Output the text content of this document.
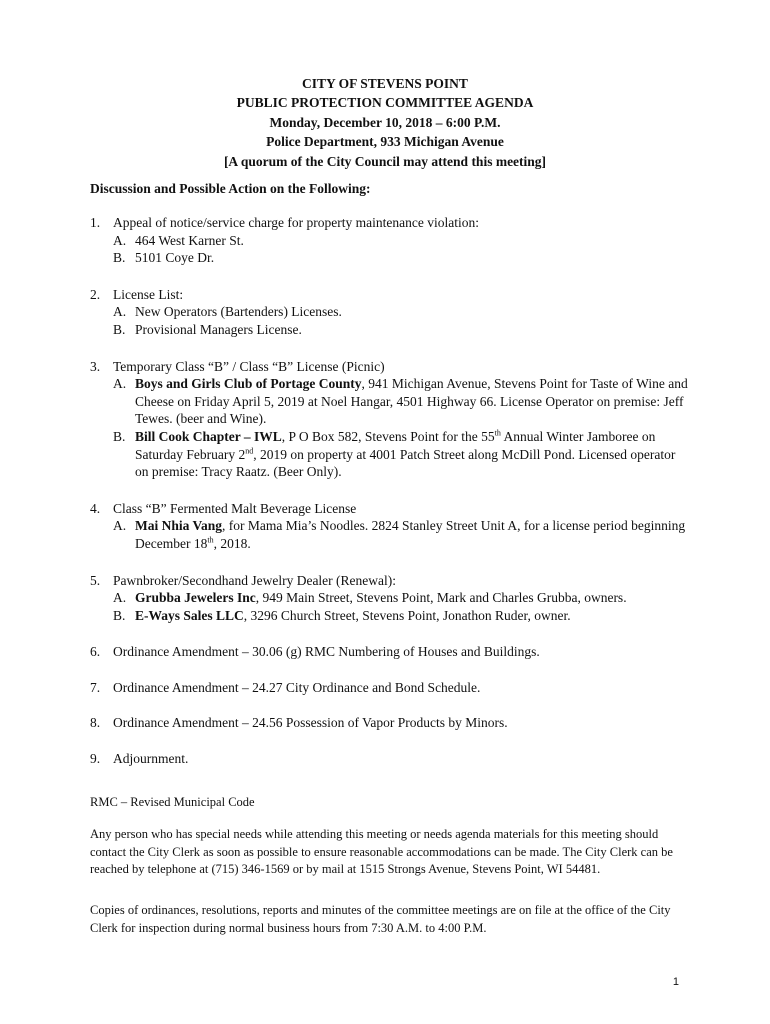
CITY OF STEVENS POINT
PUBLIC PROTECTION COMMITTEE AGENDA
Monday, December 10, 2018 – 6:00 P.M.
Police Department, 933 Michigan Avenue
[A quorum of the City Council may attend this meeting]
Discussion and Possible Action on the Following:
1. Appeal of notice/service charge for property maintenance violation:
A. 464 West Karner St.
B. 5101 Coye Dr.
2. License List:
A. New Operators (Bartenders) Licenses.
B. Provisional Managers License.
3. Temporary Class “B” / Class “B” License (Picnic)
A. Boys and Girls Club of Portage County, 941 Michigan Avenue, Stevens Point for Taste of Wine and Cheese on Friday April 5, 2019 at Noel Hangar, 4501 Highway 66. License Operator on premise: Jeff Tewes. (beer and Wine).
B. Bill Cook Chapter – IWL, P O Box 582, Stevens Point for the 55th Annual Winter Jamboree on Saturday February 2nd, 2019 on property at 4001 Patch Street along McDill Pond. Licensed operator on premise: Tracy Raatz. (Beer Only).
4. Class “B” Fermented Malt Beverage License
A. Mai Nhia Vang, for Mama Mia’s Noodles. 2824 Stanley Street Unit A, for a license period beginning December 18th, 2018.
5. Pawnbroker/Secondhand Jewelry Dealer (Renewal):
A. Grubba Jewelers Inc, 949 Main Street, Stevens Point, Mark and Charles Grubba, owners.
B. E-Ways Sales LLC, 3296 Church Street, Stevens Point, Jonathon Ruder, owner.
6. Ordinance Amendment – 30.06 (g) RMC Numbering of Houses and Buildings.
7. Ordinance Amendment – 24.27 City Ordinance and Bond Schedule.
8. Ordinance Amendment – 24.56 Possession of Vapor Products by Minors.
9. Adjournment.
RMC – Revised Municipal Code
Any person who has special needs while attending this meeting or needs agenda materials for this meeting should contact the City Clerk as soon as possible to ensure reasonable accommodations can be made. The City Clerk can be reached by telephone at (715) 346-1569 or by mail at 1515 Strongs Avenue, Stevens Point, WI 54481.
Copies of ordinances, resolutions, reports and minutes of the committee meetings are on file at the office of the City Clerk for inspection during normal business hours from 7:30 A.M. to 4:00 P.M.
1
